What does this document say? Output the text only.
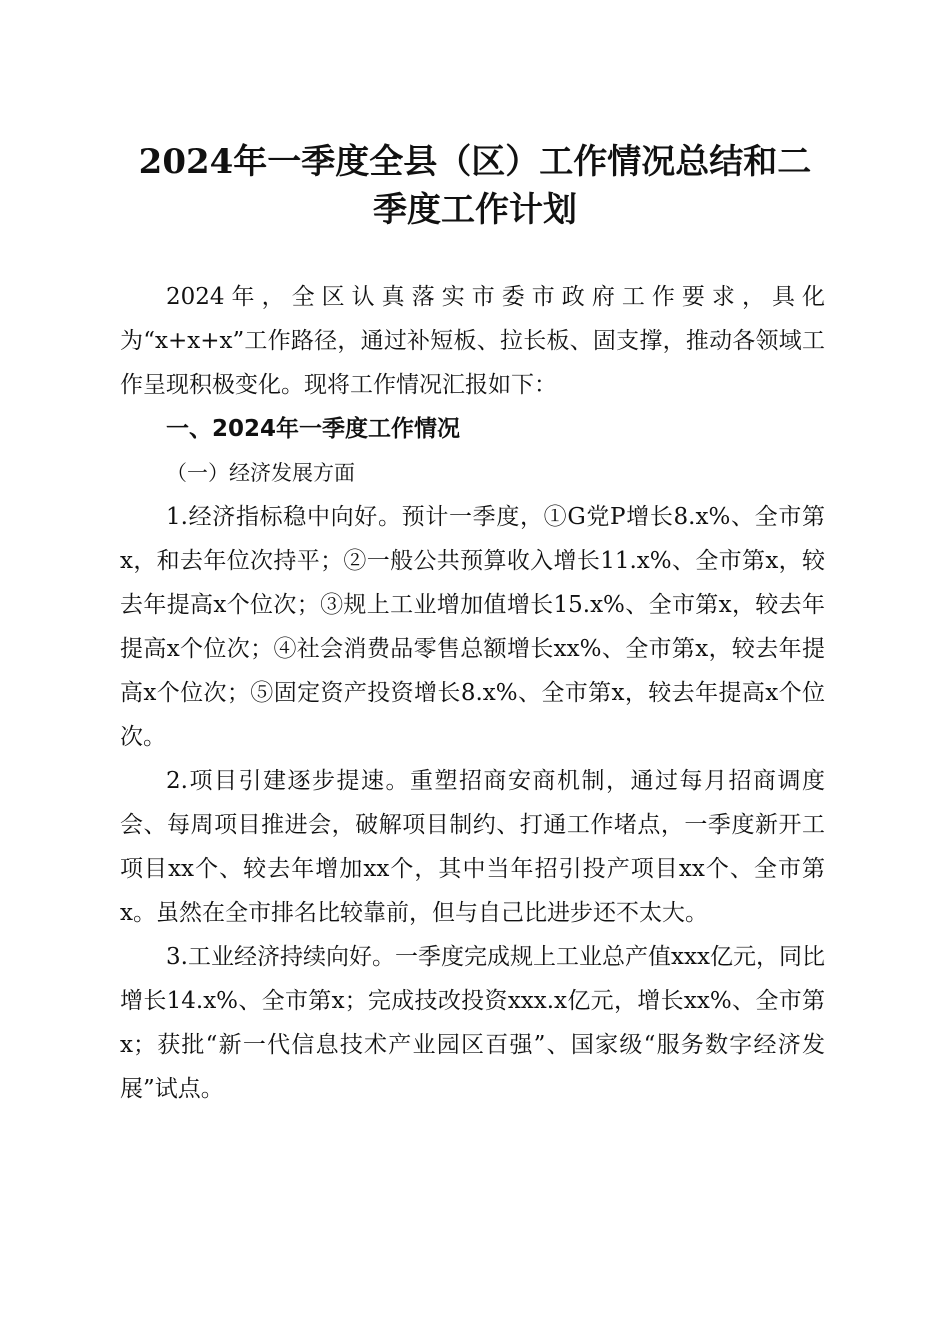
2024年一季度全县（区）工作情况总结和二
季度工作计划

2024年，全区认真落实市委市政府工作要求，具化为“x+x+x”工作路径，通过补短板、拉长板、固支撑，推动各领域工作呈现积极变化。现将工作情况汇报如下：

一、2024年一季度工作情况

（一）经济发展方面

1.经济指标稳中向好。预计一季度，①G党P增长8.x%、全市第x，和去年位次持平；②一般公共预算收入增长11.x%、全市第x，较去年提高x个位次；③规上工业增加值增长15.x%、全市第x，较去年提高x个位次；④社会消费品零售总额增长xx%、全市第x，较去年提高x个位次；⑤固定资产投资增长8.x%、全市第x，较去年提高x个位次。

2.项目引建逐步提速。重塑招商安商机制，通过每月招商调度会、每周项目推进会，破解项目制约、打通工作堵点，一季度新开工项目xx个、较去年增加xx个，其中当年招引投产项目xx个、全市第x。虽然在全市排名比较靠前，但与自己比进步还不太大。

3.工业经济持续向好。一季度完成规上工业总产值xxx亿元，同比增长14.x%、全市第x；完成技改投资xxx.x亿元，增长xx%、全市第x；获批“新一代信息技术产业园区百强”、国家级“服务数字经济发展”试点。
